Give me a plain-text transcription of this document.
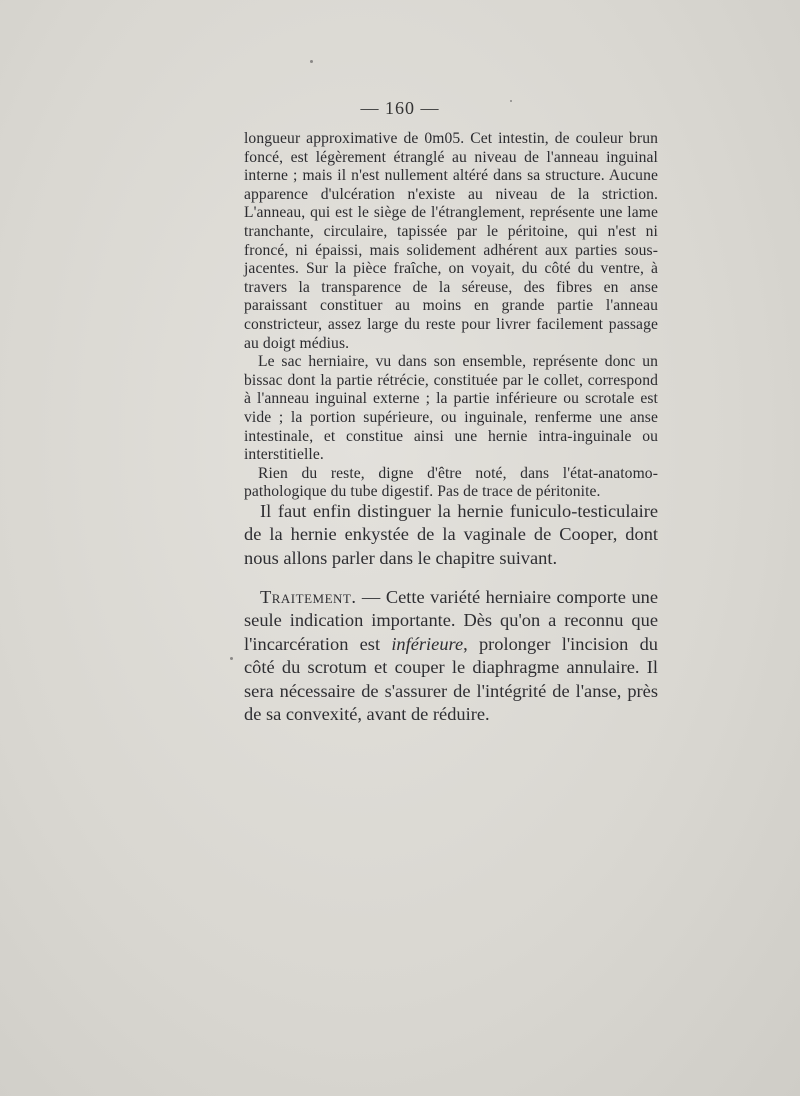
— 160 —

longueur approximative de 0m05. Cet intestin, de couleur brun foncé, est légèrement étranglé au niveau de l'anneau inguinal interne ; mais il n'est nullement altéré dans sa structure. Aucune apparence d'ulcération n'existe au niveau de la striction. L'anneau, qui est le siège de l'étranglement, représente une lame tranchante, circulaire, tapissée par le péritoine, qui n'est ni froncé, ni épaissi, mais solidement adhérent aux parties sous-jacentes. Sur la pièce fraîche, on voyait, du côté du ventre, à travers la transparence de la séreuse, des fibres en anse paraissant constituer au moins en grande partie l'anneau constricteur, assez large du reste pour livrer facilement passage au doigt médius.

Le sac herniaire, vu dans son ensemble, représente donc un bissac dont la partie rétrécie, constituée par le collet, correspond à l'anneau inguinal externe ; la partie inférieure ou scrotale est vide ; la portion supérieure, ou inguinale, renferme une anse intestinale, et constitue ainsi une hernie intra-inguinale ou interstitielle.

Rien du reste, digne d'être noté, dans l'état-anatomo-pathologique du tube digestif. Pas de trace de péritonite.

Il faut enfin distinguer la hernie funiculo-testiculaire de la hernie enkystée de la vaginale de Cooper, dont nous allons parler dans le chapitre suivant.

Traitement. — Cette variété herniaire comporte une seule indication importante. Dès qu'on a reconnu que l'incarcération est inférieure, prolonger l'incision du côté du scrotum et couper le diaphragme annulaire. Il sera nécessaire de s'assurer de l'intégrité de l'anse, près de sa convexité, avant de réduire.
